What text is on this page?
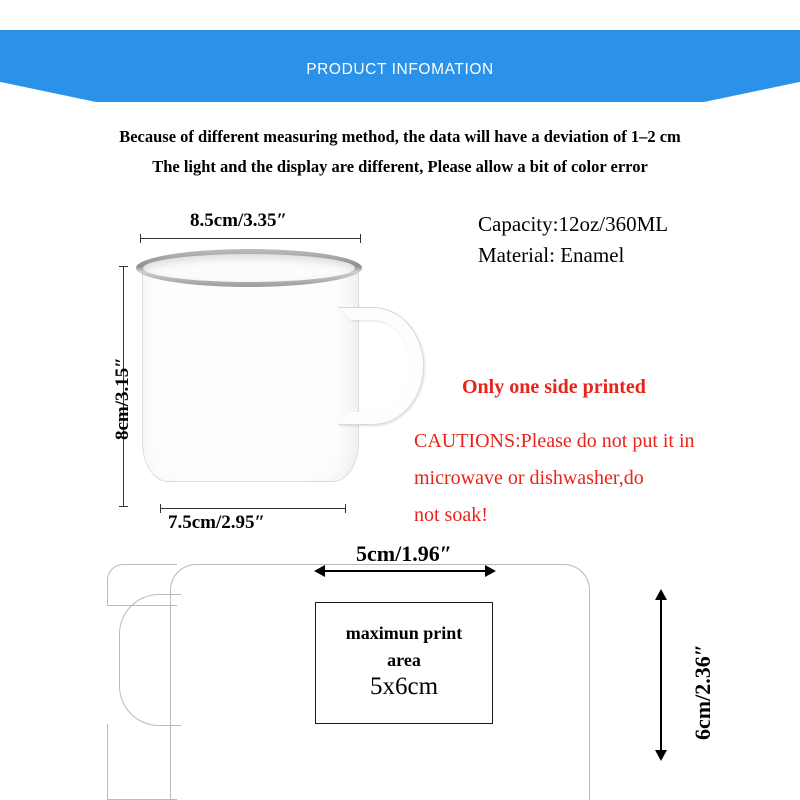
PRODUCT INFOMATION
Because of different measuring method, the data will have a deviation of 1–2 cm
The light and the display are different, Please allow a bit of color error
8.5cm/3.35″
8cm/3.15″
7.5cm/2.95″
Capacity:12oz/360ML
Material: Enamel
Only one side printed
CAUTIONS:Please do not put it in
microwave or dishwasher,do
not soak!
maximun print
area
5x6cm
5cm/1.96″
6cm/2.36″
